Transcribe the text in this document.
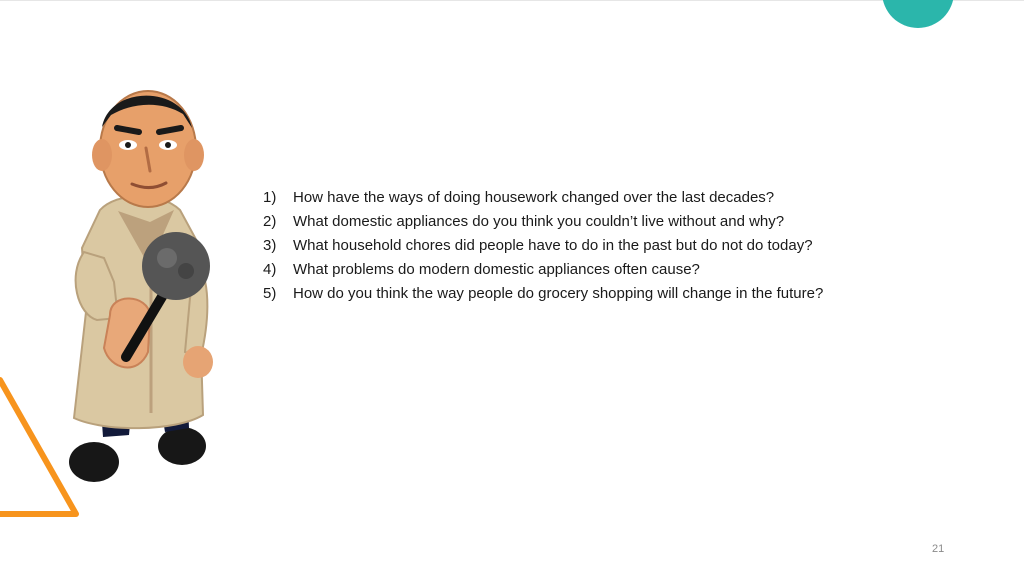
1)	How have the ways of doing housework changed over the last decades?
2)	What domestic appliances do you think you couldn’t live without and why?
3)	What household chores did people have to do in the past but do not do today?
4)	What problems do modern domestic appliances often cause?
5)	How do you think the way people do grocery shopping will change in the future?
21
